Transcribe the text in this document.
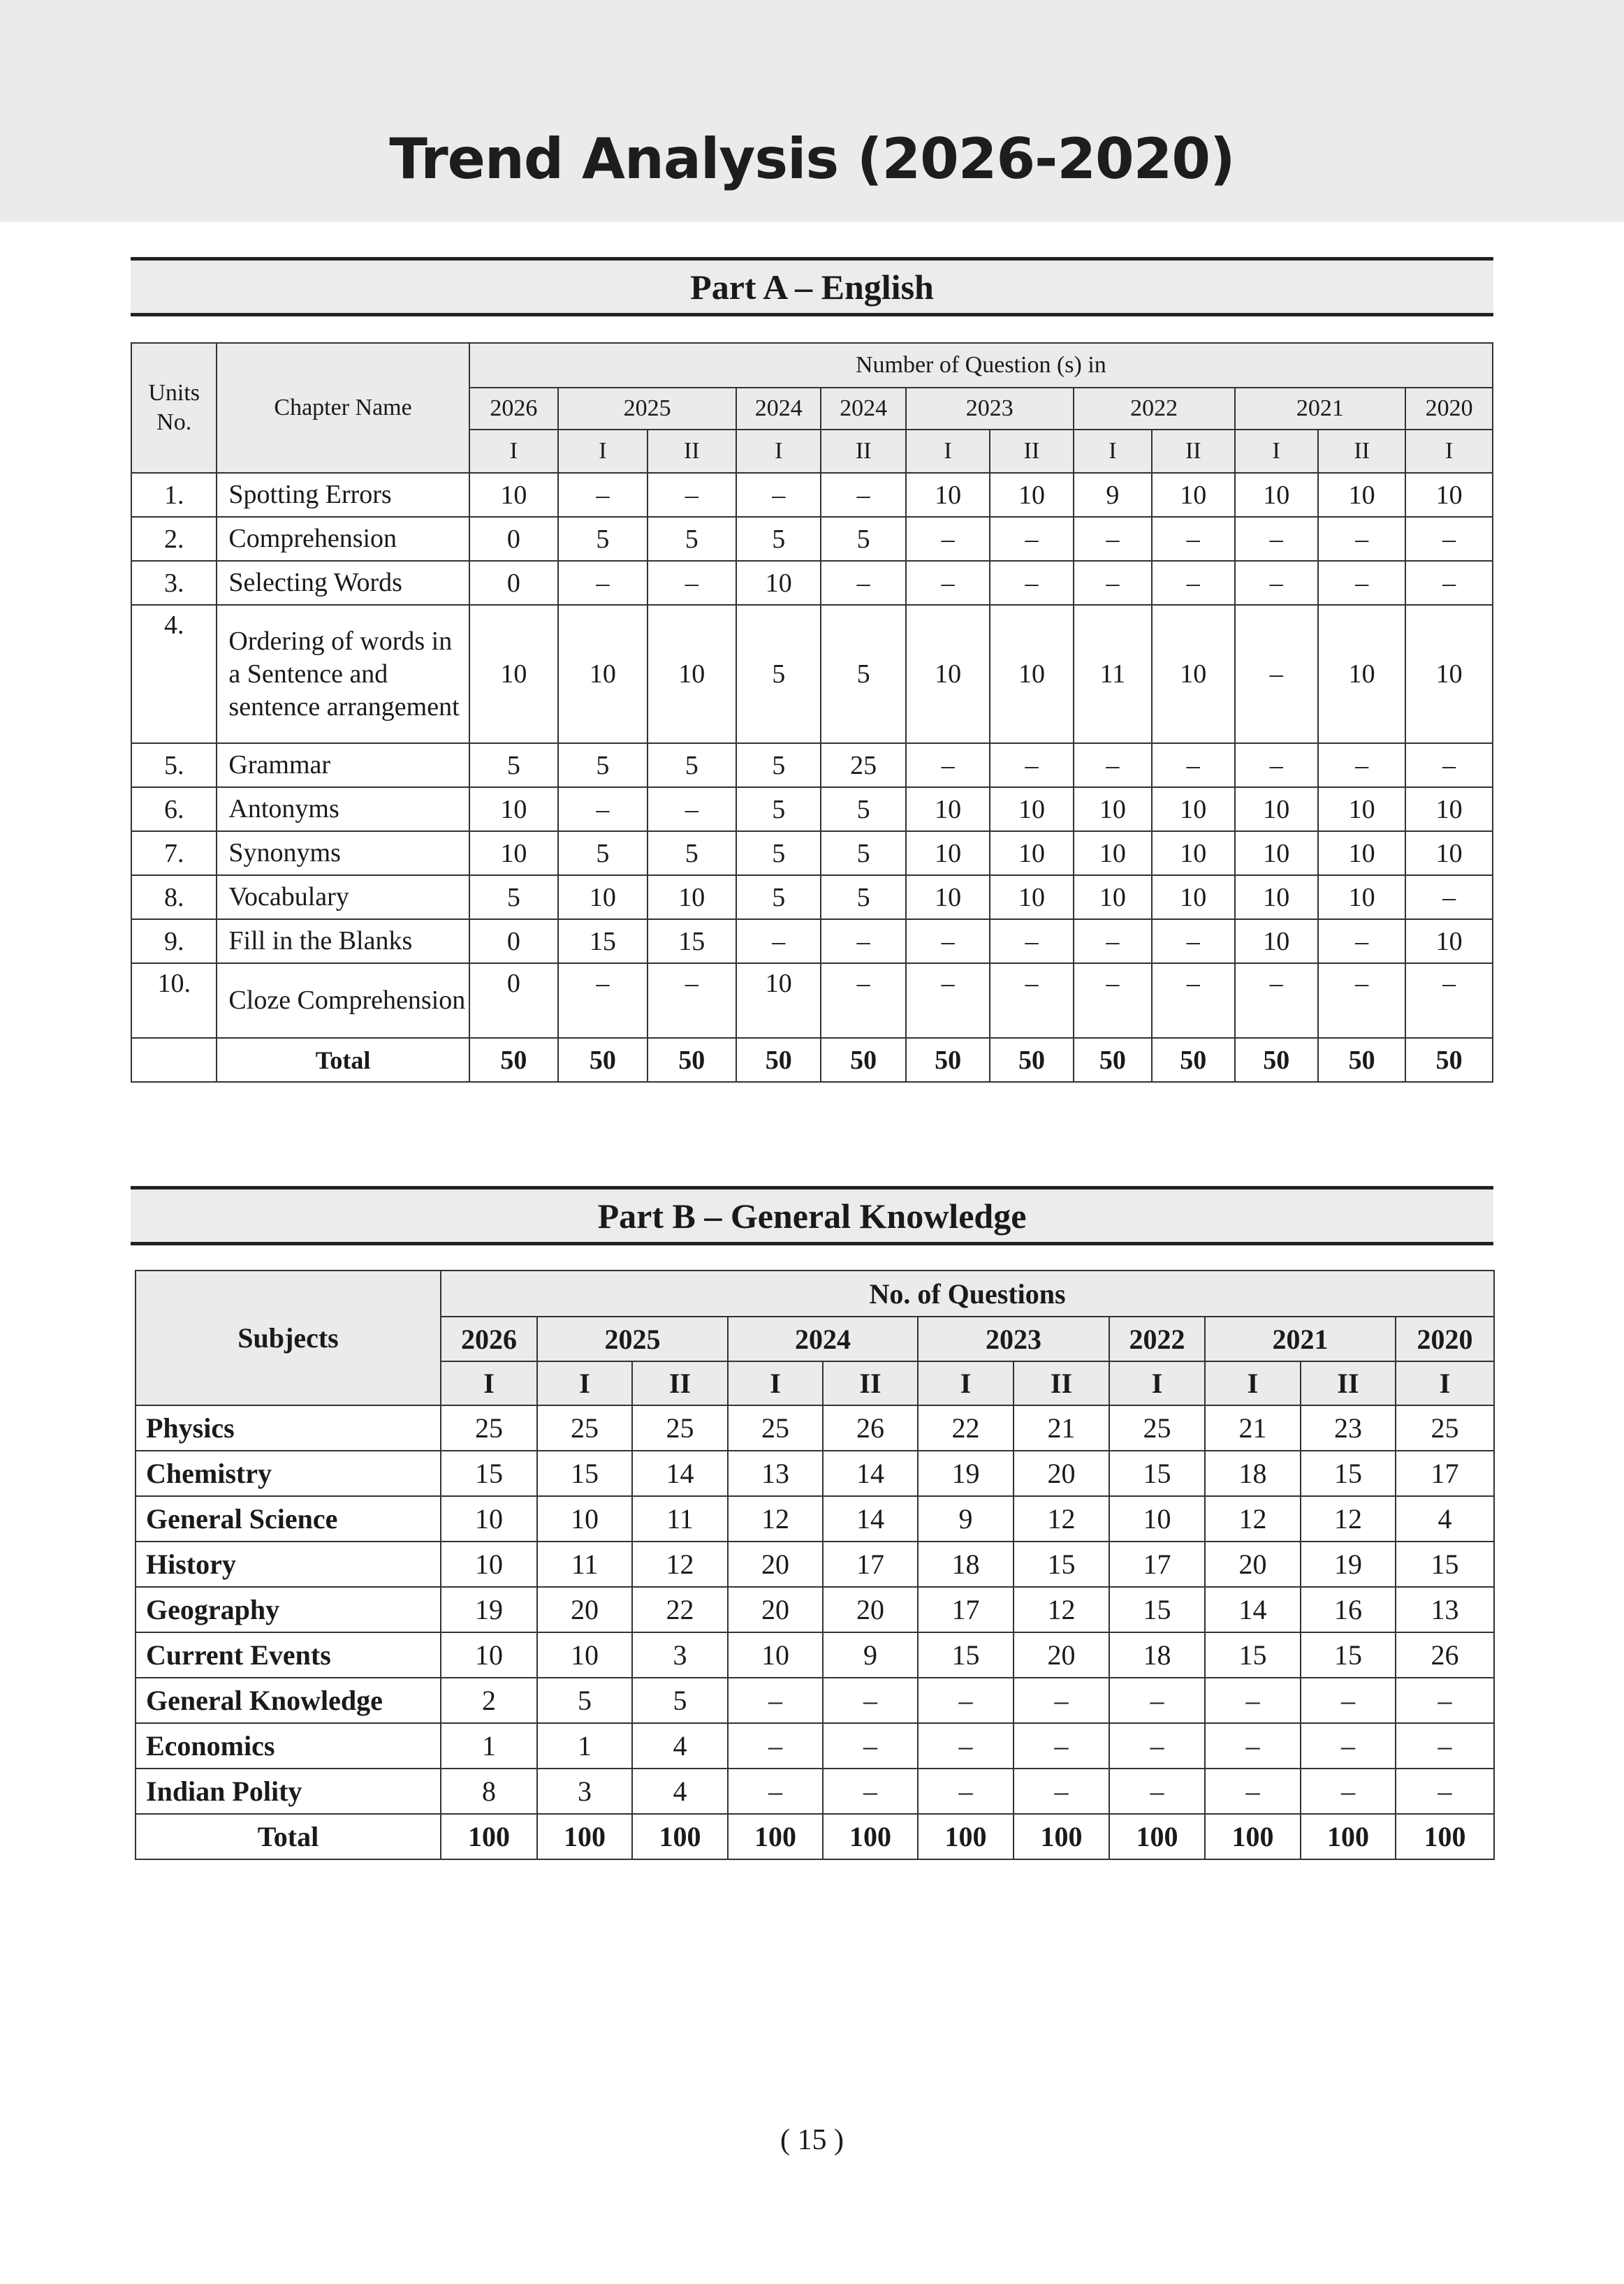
Trend Analysis (2026-2020)
Part A – English
Units No.	Chapter Name	Number of Question (s) in											
		2026	2025		2024	2024	2023		2022		2021		2020
		I	I	II	I	II	I	II	I	II	I	II	I
1.	Spotting Errors	10	–	–	–	–	10	10	9	10	10	10	10
2.	Comprehension	0	5	5	5	5	–	–	–	–	–	–	–
3.	Selecting Words	0	–	–	10	–	–	–	–	–	–	–	–
4.	Ordering of words in a Sentence and sentence arrangement	10	10	10	5	5	10	10	11	10	–	10	10
5.	Grammar	5	5	5	5	25	–	–	–	–	–	–	–
6.	Antonyms	10	–	–	5	5	10	10	10	10	10	10	10
7.	Synonyms	10	5	5	5	5	10	10	10	10	10	10	10
8.	Vocabulary	5	10	10	5	5	10	10	10	10	10	10	–
9.	Fill in the Blanks	0	15	15	–	–	–	–	–	–	10	–	10
10.	Cloze Comprehension	0	–	–	10	–	–	–	–	–	–	–	–
	Total	50	50	50	50	50	50	50	50	50	50	50	50
Part B – General Knowledge
Subjects	No. of Questions										
	2026	2025		2024		2023		2022	2021		2020
	I	I	II	I	II	I	II	I	I	II	I
Physics	25	25	25	25	26	22	21	25	21	23	25
Chemistry	15	15	14	13	14	19	20	15	18	15	17
General Science	10	10	11	12	14	9	12	10	12	12	4
History	10	11	12	20	17	18	15	17	20	19	15
Geography	19	20	22	20	20	17	12	15	14	16	13
Current Events	10	10	3	10	9	15	20	18	15	15	26
General Knowledge	2	5	5	–	–	–	–	–	–	–	–
Economics	1	1	4	–	–	–	–	–	–	–	–
Indian Polity	8	3	4	–	–	–	–	–	–	–	–
Total	100	100	100	100	100	100	100	100	100	100	100
( 15 )
